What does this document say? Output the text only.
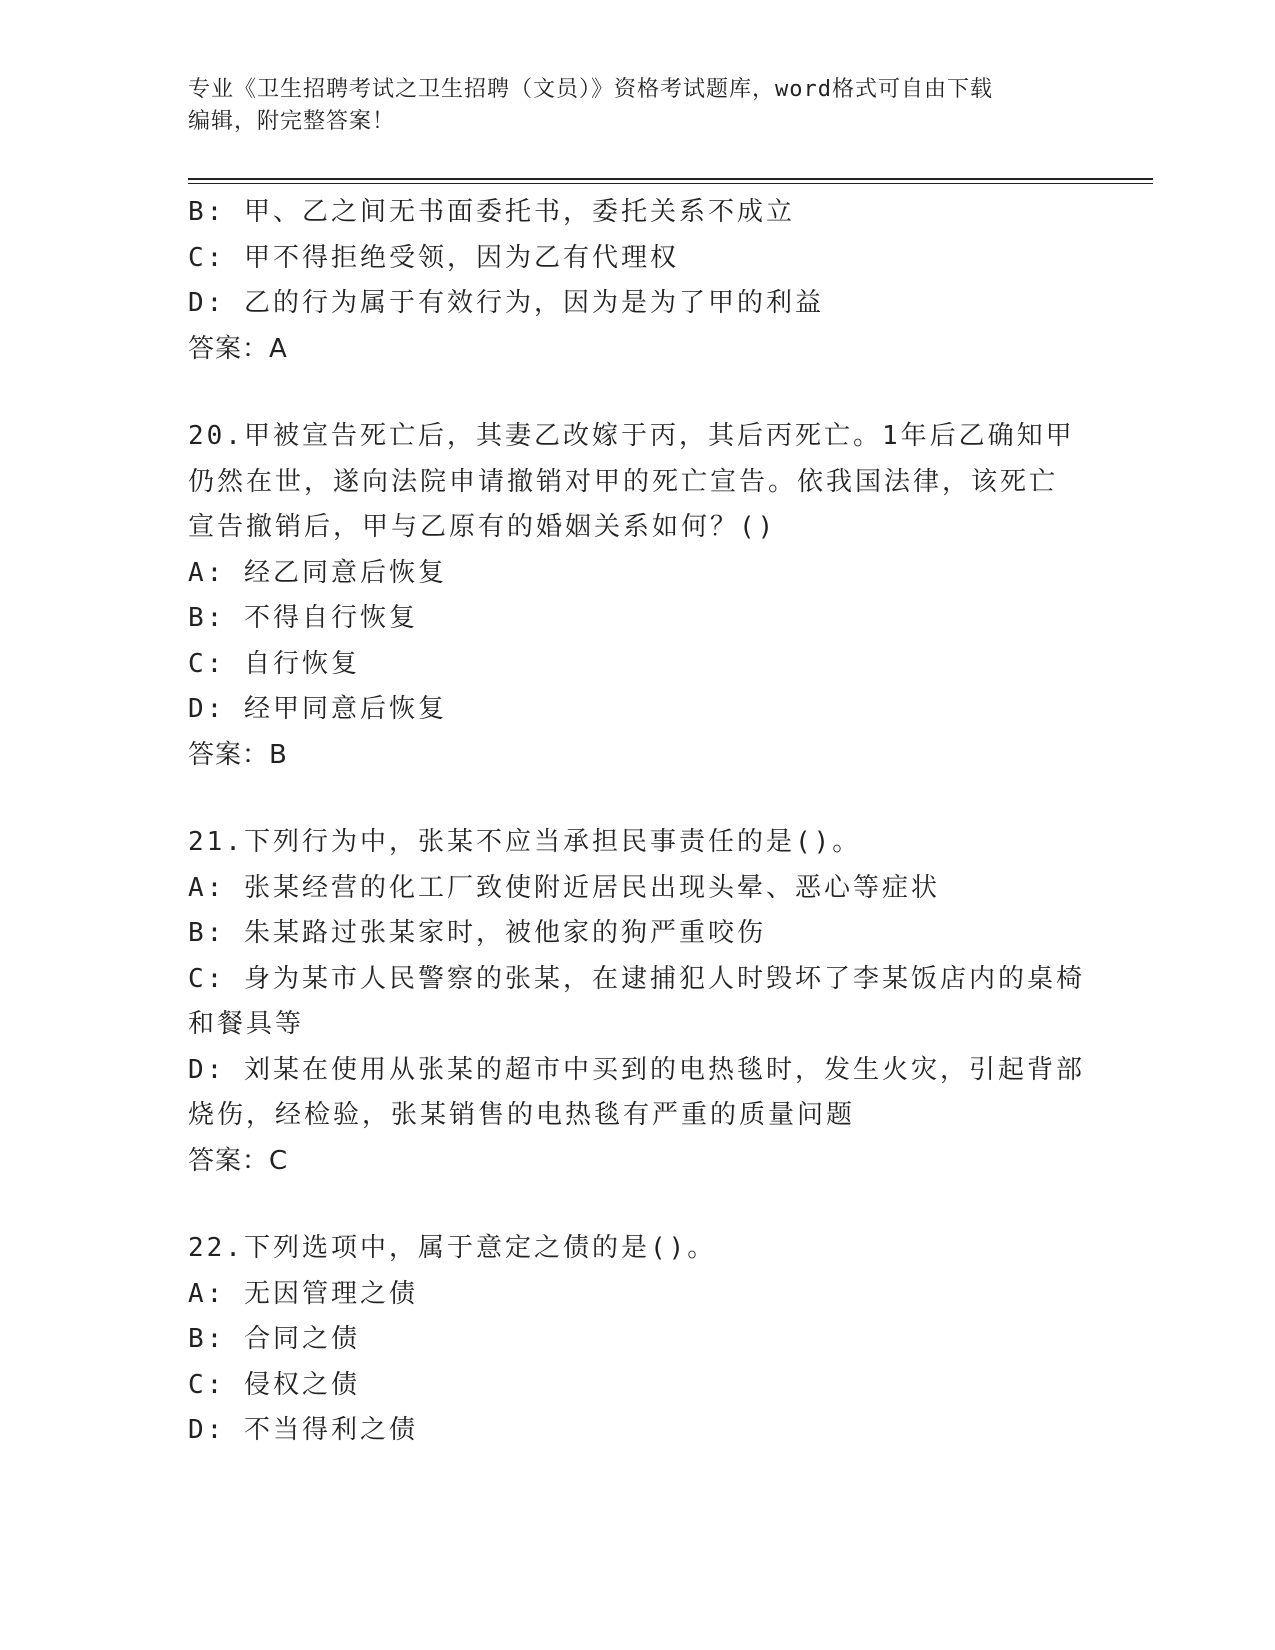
专业《卫生招聘考试之卫生招聘（文员）》资格考试题库，word格式可自由下载
编辑，附完整答案！

B: 甲、乙之间无书面委托书，委托关系不成立

C: 甲不得拒绝受领，因为乙有代理权

D: 乙的行为属于有效行为，因为是为了甲的利益

答案：A

20.甲被宣告死亡后，其妻乙改嫁于丙，其后丙死亡。1年后乙确知甲

仍然在世，遂向法院申请撤销对甲的死亡宣告。依我国法律，该死亡

宣告撤销后，甲与乙原有的婚姻关系如何？()

A: 经乙同意后恢复

B: 不得自行恢复

C: 自行恢复

D: 经甲同意后恢复

答案：B

21.下列行为中，张某不应当承担民事责任的是()。

A: 张某经营的化工厂致使附近居民出现头晕、恶心等症状

B: 朱某路过张某家时，被他家的狗严重咬伤

C: 身为某市人民警察的张某，在逮捕犯人时毁坏了李某饭店内的桌椅

和餐具等

D: 刘某在使用从张某的超市中买到的电热毯时，发生火灾，引起背部

烧伤，经检验，张某销售的电热毯有严重的质量问题

答案：C

22.下列选项中，属于意定之债的是()。

A: 无因管理之债

B: 合同之债

C: 侵权之债

D: 不当得利之债
